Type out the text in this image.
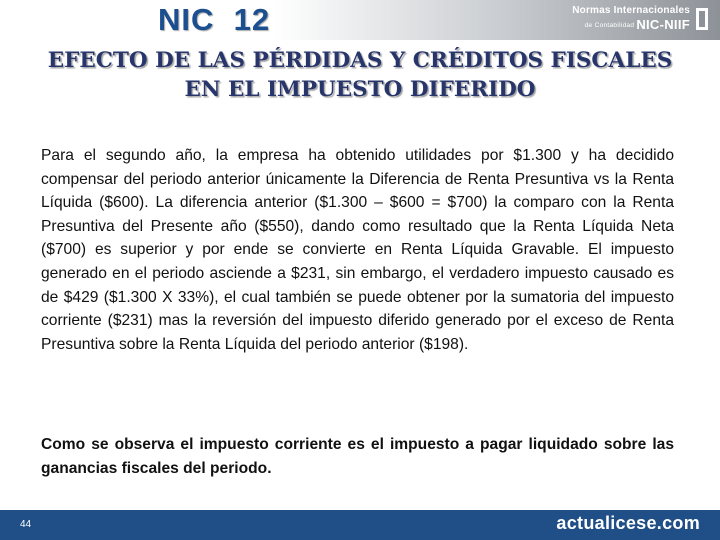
NIC  12	Normas Internacionales
de Contabilidad NIC-NIIF
EFECTO DE LAS PÉRDIDAS Y CRÉDITOS FISCALES
EN EL IMPUESTO DIFERIDO

Para el segundo año, la empresa ha obtenido utilidades por $1.300 y ha decidido compensar del periodo anterior únicamente la Diferencia de Renta Presuntiva vs la Renta Líquida ($600). La diferencia anterior ($1.300 – $600 = $700) la comparo con la Renta Presuntiva del Presente año ($550), dando como resultado que la Renta Líquida Neta ($700) es superior y por ende se convierte en Renta Líquida Gravable. El impuesto generado en el periodo asciende a $231, sin embargo, el verdadero impuesto causado es de $429 ($1.300 X 33%), el cual también se puede obtener por la sumatoria del impuesto corriente ($231) mas la reversión del impuesto diferido generado por el exceso de Renta Presuntiva sobre la Renta Líquida del periodo anterior ($198).

Como se observa el impuesto corriente es el impuesto a pagar liquidado sobre las ganancias fiscales del periodo.

44	actualicese.com
